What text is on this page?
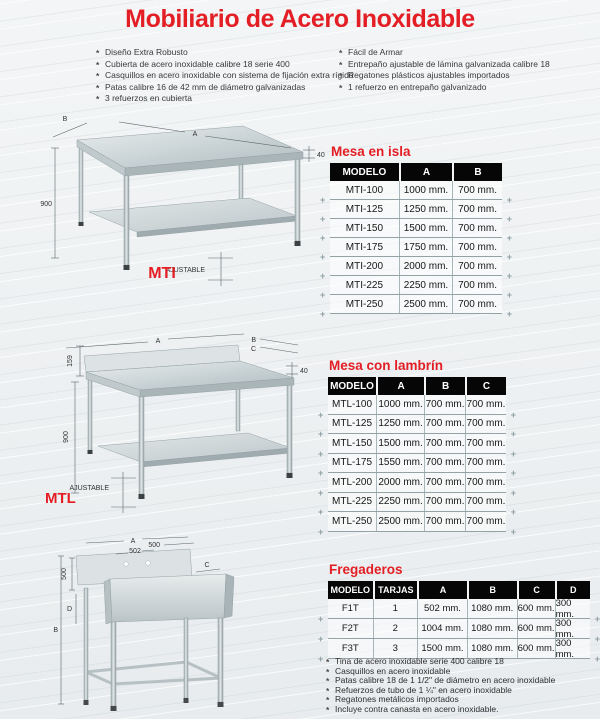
Mobiliario de Acero Inoxidable
* Diseño Extra Robusto
* Cubierta de acero inoxidable calibre 18 serie 400
* Casquillos en acero inoxidable con sistema de fijación extra rígido
* Patas calibre 16 de 42 mm de diámetro galvanizadas
* 3 refuerzos en cubierta
* Fácil de Armar
* Entrepaño ajustable de lámina galvanizada calibre 18
* Regatones plásticos ajustables importados
* 1 refuerzo en entrepaño galvanizado
B
A
40
900
AJUSTABLE
MTI
A	B
C
159
40
900
AJUSTABLE
MTL
A
500
502
C
500
D
B
Mesa en isla
MODELO	A	B
+ MTI-100	1000 mm. 700 mm.
+
+ MTI-125	1250 mm. 700 mm.
+
+ MTI-150	1500 mm. 700 mm.
+
+ MTI-175	1750 mm. 700 mm.
+
+ MTI-200	2000 mm. 700 mm.
+
+ MTI-225	2250 mm. 700 mm.
+
+ MTI-250	2500 mm. 700 mm.
+
Mesa con lambrín
MODELO	A	B	C
+ MTL-100 1000 mm. 700 mm. 700 mm.
+
+ MTL-125 1250 mm. 700 mm. 700 mm.
+
+ MTL-150 1500 mm. 700 mm. 700 mm.
+
+ MTL-175 1550 mm. 700 mm. 700 mm.
+
+ MTL-200 2000 mm. 700 mm. 700 mm.
+
+ MTL-225 2250 mm. 700 mm. 700 mm.
+
+ MTL-250 2500 mm. 700 mm. 700 mm.
+
Fregaderos
MODELO TARJAS	A	B	C	D
+ F1T	1	502 mm.	1080 mm. 600 mm. 300 mm.
+
+ F2T	2	1004 mm. 1080 mm. 600 mm. 300 mm.
+
+ F3T	3	1500 mm. 1080 mm. 600 mm. 300 mm.
+
* Tina de acero inoxidable serie 400 calibre 18
* Casquillos en acero inoxidable
* Patas calibre 18 de 1 1/2" de diámetro en acero inoxidable
* Refuerzos de tubo de 1 ¼" en acero inoxidable
* Regatones metálicos importados
* Incluye contra canasta en acero inoxidable.
